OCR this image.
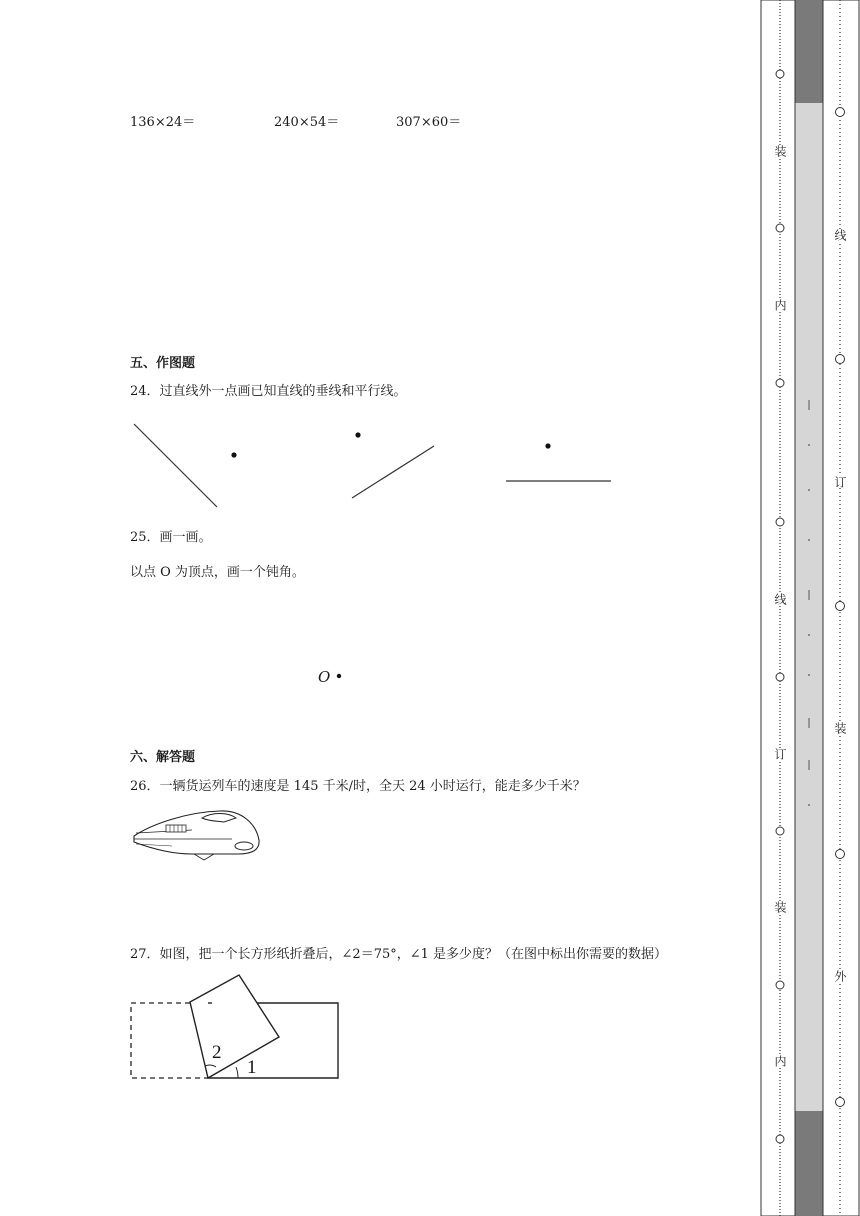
136×24＝	240×54＝	307×60＝
五、作图题
24．过直线外一点画已知直线的垂线和平行线。
25．画一画。
以点 O 为顶点，画一个钝角。
O
六、解答题
26．一辆货运列车的速度是 145 千米/时，全天 24 小时运行，能走多少千米？
27．如图，把一个长方形纸折叠后，∠2＝75°，∠1 是多少度？（在图中标出你需要的数据）
2
1
装
内
线
订
装
内
线
订
装
外
